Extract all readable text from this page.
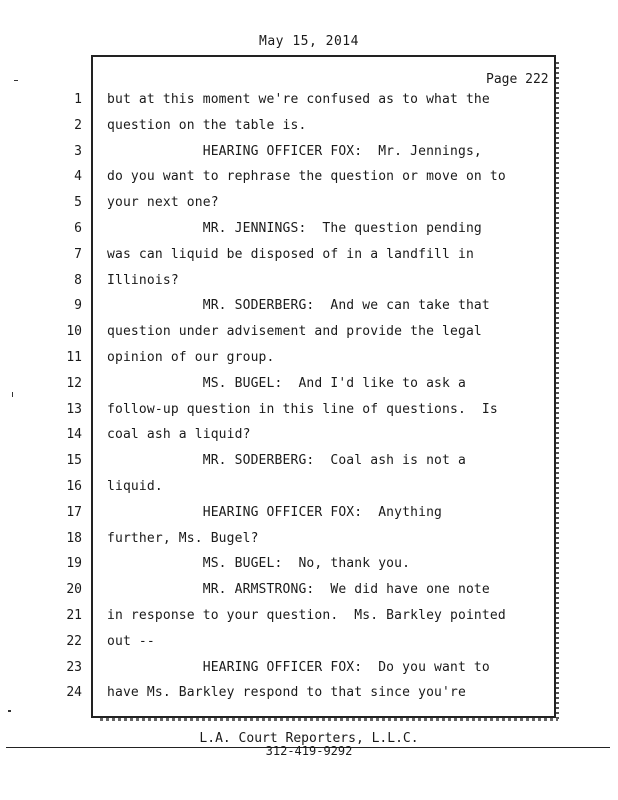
May 15, 2014
Page 222
1 but at this moment we're confused as to what the
2 question on the table is.
3 HEARING OFFICER FOX:  Mr. Jennings,
4 do you want to rephrase the question or move on to
5 your next one?
6 MR. JENNINGS:  The question pending
7 was can liquid be disposed of in a landfill in
8 Illinois?
9 MR. SODERBERG:  And we can take that
10 question under advisement and provide the legal
11 opinion of our group.
12 MS. BUGEL:  And I'd like to ask a
13 follow-up question in this line of questions.  Is
14 coal ash a liquid?
15 MR. SODERBERG:  Coal ash is not a
16 liquid.
17 HEARING OFFICER FOX:  Anything
18 further, Ms. Bugel?
19 MS. BUGEL:  No, thank you.
20 MR. ARMSTRONG:  We did have one note
21 in response to your question.  Ms. Barkley pointed
22 out --
23 HEARING OFFICER FOX:  Do you want to
24 have Ms. Barkley respond to that since you're
L.A. Court Reporters, L.L.C.
312-419-9292
